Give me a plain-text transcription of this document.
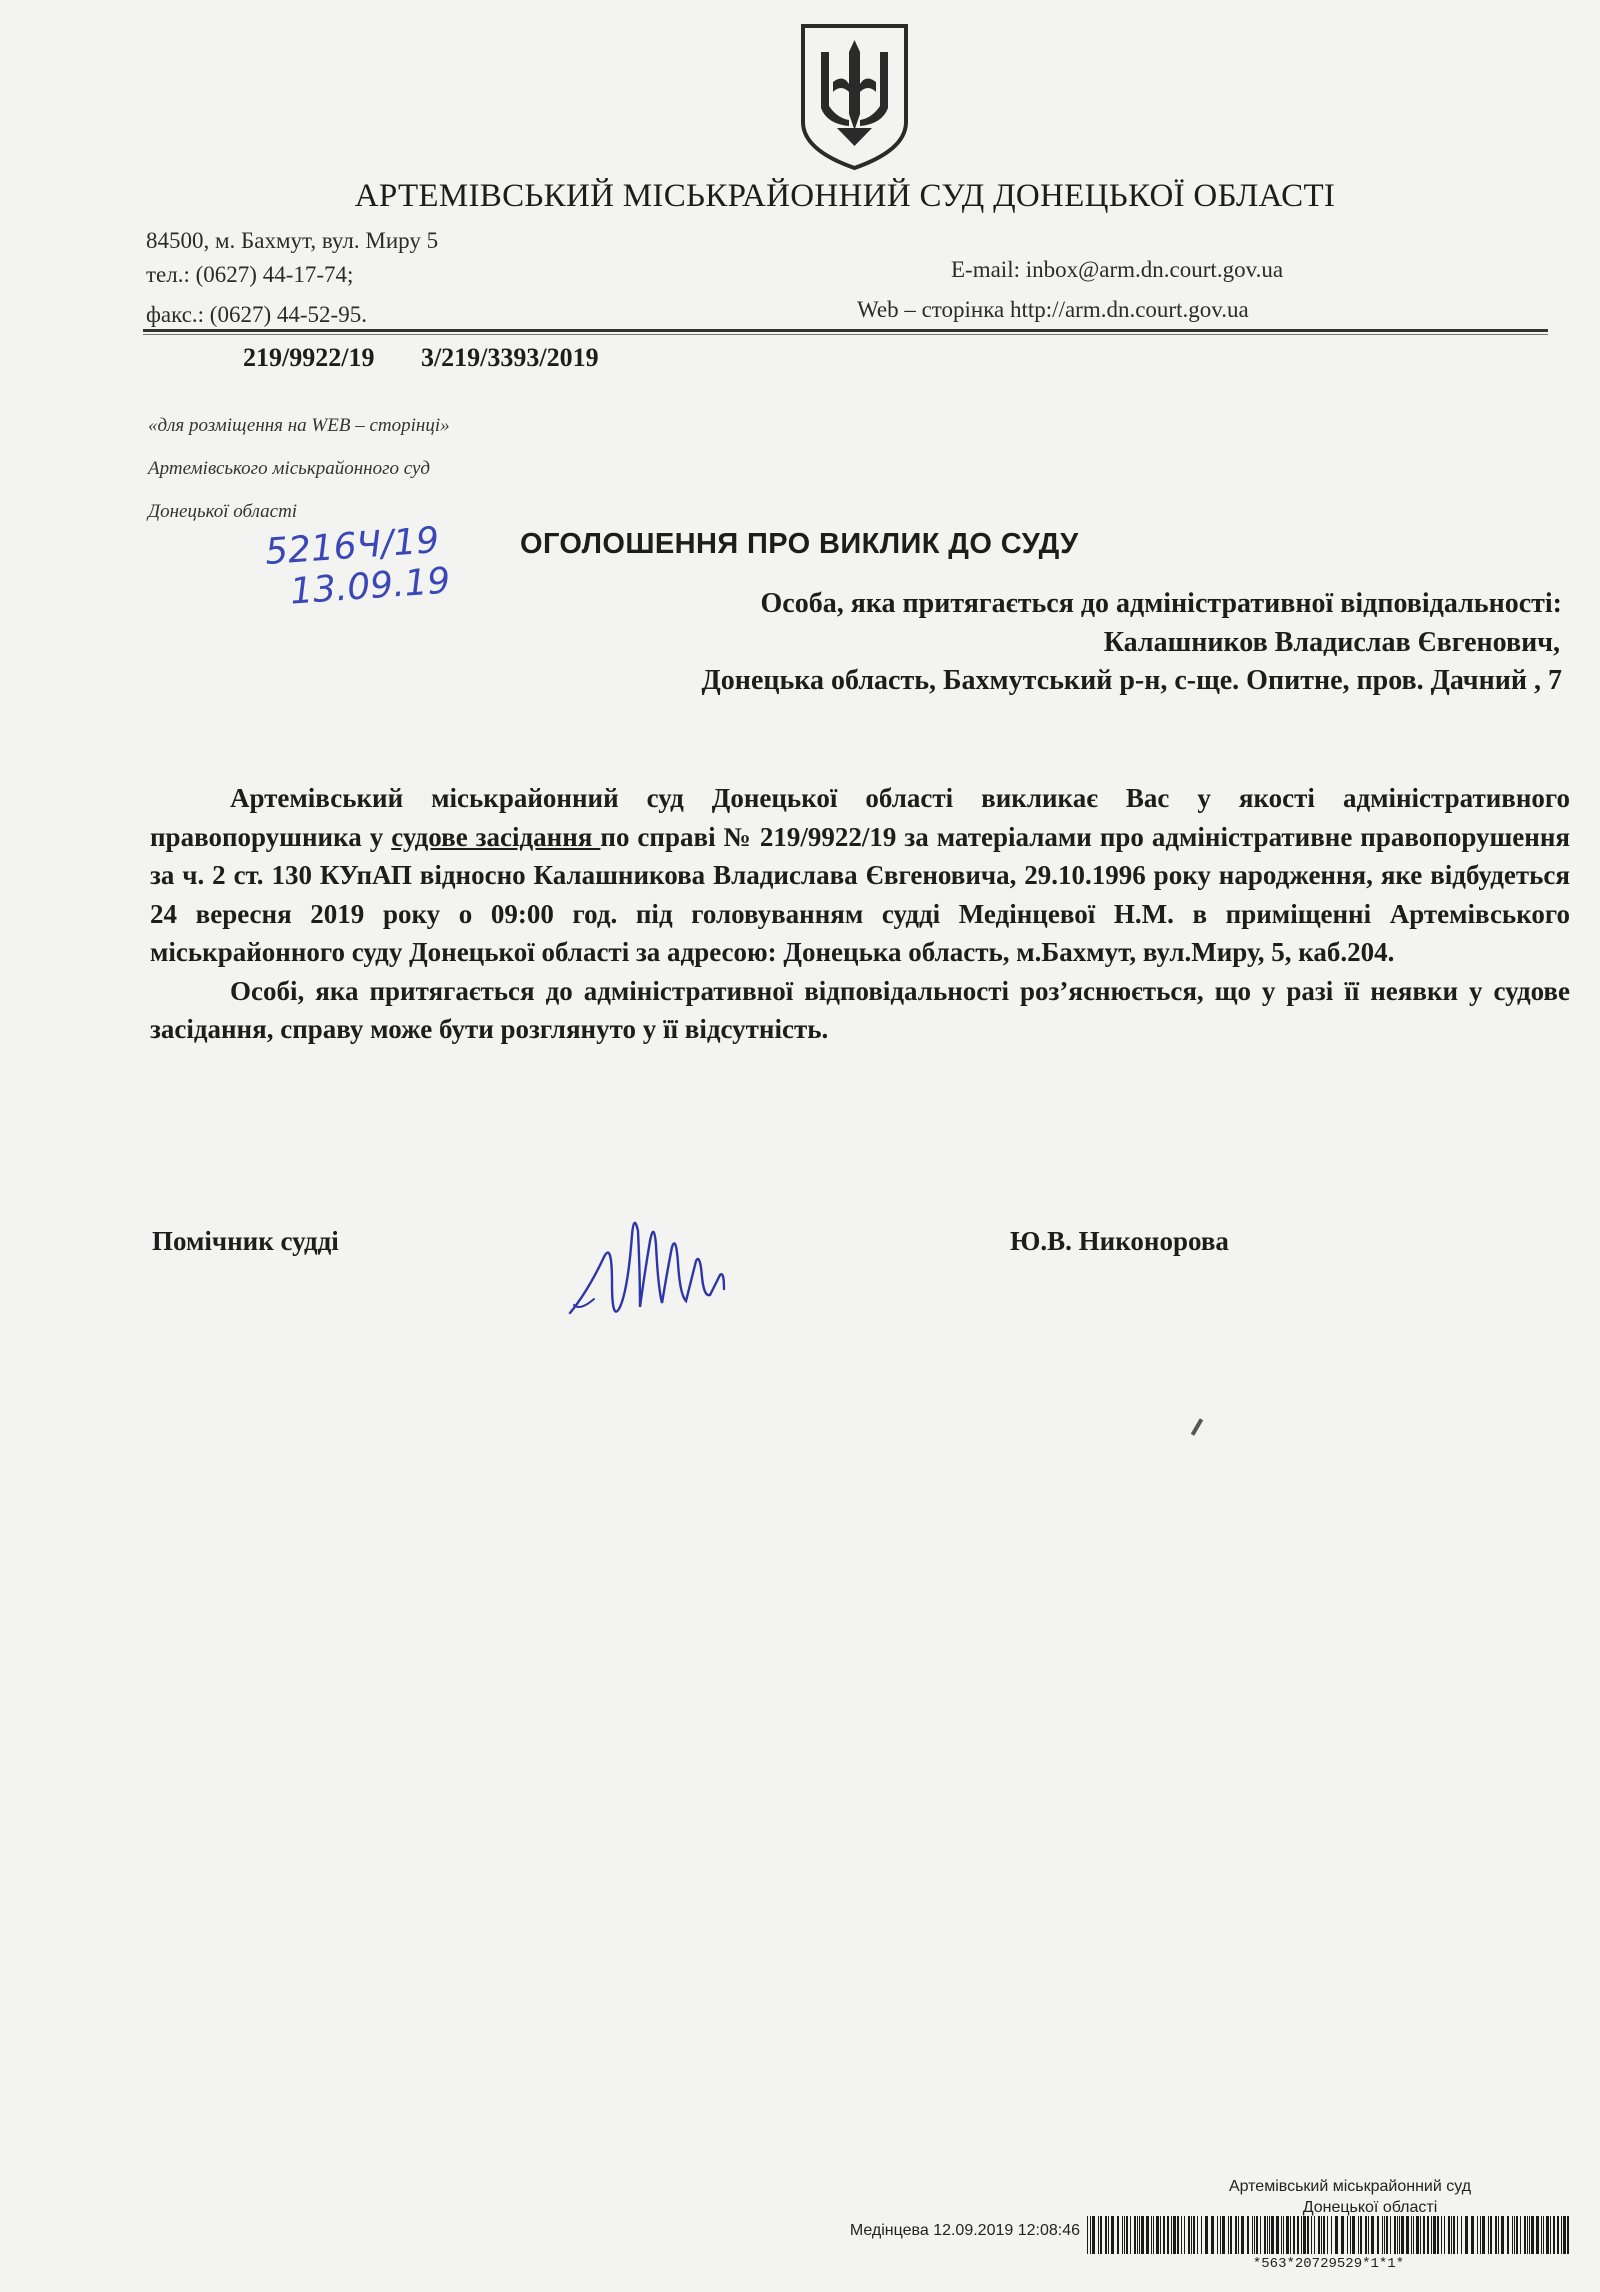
АРТЕМІВСЬКИЙ МІСЬКРАЙОННИЙ СУД ДОНЕЦЬКОЇ ОБЛАСТІ
84500, м. Бахмут, вул. Миру 5
тел.: (0627) 44-17-74;
факс.: (0627) 44-52-95.
E-mail: inbox@arm.dn.court.gov.ua
Web – сторінка http://arm.dn.court.gov.ua
219/9922/19 3/219/3393/2019
«для розміщення на WEB – сторінці»
Артемівського міськрайонного суд
Донецької області
5216Ч/19
13.09.19
ОГОЛОШЕННЯ ПРО ВИКЛИК ДО СУДУ
Особа, яка притягається до адміністративної відповідальності:
Калашников Владислав Євгенович,
Донецька область, Бахмутський р-н, с-ще. Опитне, пров. Дачний , 7

Артемівський міськрайонний суд Донецької області викликає Вас у якості адміністративного правопорушника у судове засідання по справі № 219/9922/19 за матеріалами про адміністративне правопорушення за ч. 2 ст. 130 КУпАП відносно Калашникова Владислава Євгеновича, 29.10.1996 року народження, яке відбудеться 24 вересня 2019 року о 09:00 год. під головуванням судді Медінцевої Н.М. в приміщенні Артемівського міськрайонного суду Донецької області за адресою: Донецька область, м.Бахмут, вул.Миру, 5, каб.204.

Особі, яка притягається до адміністративної відповідальності роз’яснюється, що у разі її неявки у судове засідання, справу може бути розглянуто у її відсутність.

Помічник судді	Ю.В. Никонорова
Артемівський міськрайонний суд
Донецької області
Медінцева 12.09.2019 12:08:46
*563*20729529*1*1*
